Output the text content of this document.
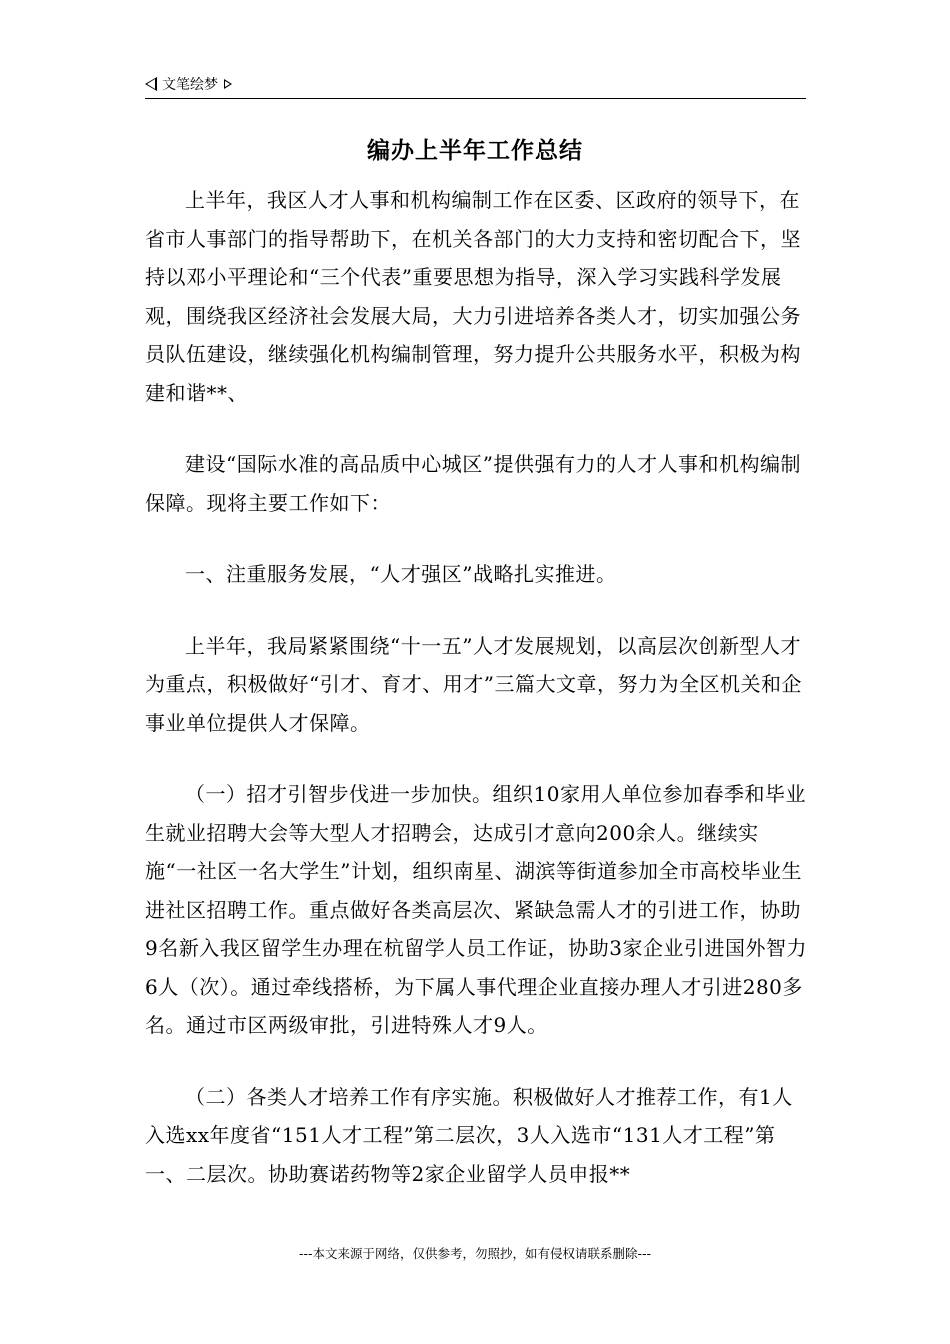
文笔绘梦
编办上半年工作总结

上半年，我区人才人事和机构编制工作在区委、区政府的领导下，在省市人事部门的指导帮助下，在机关各部门的大力支持和密切配合下，坚持以邓小平理论和“三个代表”重要思想为指导，深入学习实践科学发展观，围绕我区经济社会发展大局，大力引进培养各类人才，切实加强公务员队伍建设，继续强化机构编制管理，努力提升公共服务水平，积极为构建和谐**、

建设“国际水准的高品质中心城区”提供强有力的人才人事和机构编制保障。现将主要工作如下：

一、注重服务发展，“人才强区”战略扎实推进。

上半年，我局紧紧围绕“十一五”人才发展规划，以高层次创新型人才为重点，积极做好“引才、育才、用才”三篇大文章，努力为全区机关和企事业单位提供人才保障。

（一）招才引智步伐进一步加快。组织10家用人单位参加春季和毕业生就业招聘大会等大型人才招聘会，达成引才意向200余人。继续实施“一社区一名大学生”计划，组织南星、湖滨等街道参加全市高校毕业生进社区招聘工作。重点做好各类高层次、紧缺急需人才的引进工作，协助9名新入我区留学生办理在杭留学人员工作证，协助3家企业引进国外智力6人（次）。通过牵线搭桥，为下属人事代理企业直接办理人才引进280多名。通过市区两级审批，引进特殊人才9人。

（二）各类人才培养工作有序实施。积极做好人才推荐工作，有1人入选xx年度省“151人才工程”第二层次，3人入选市“131人才工程”第一、二层次。协助赛诺药物等2家企业留学人员申报**

---本文来源于网络，仅供参考，勿照抄，如有侵权请联系删除---
